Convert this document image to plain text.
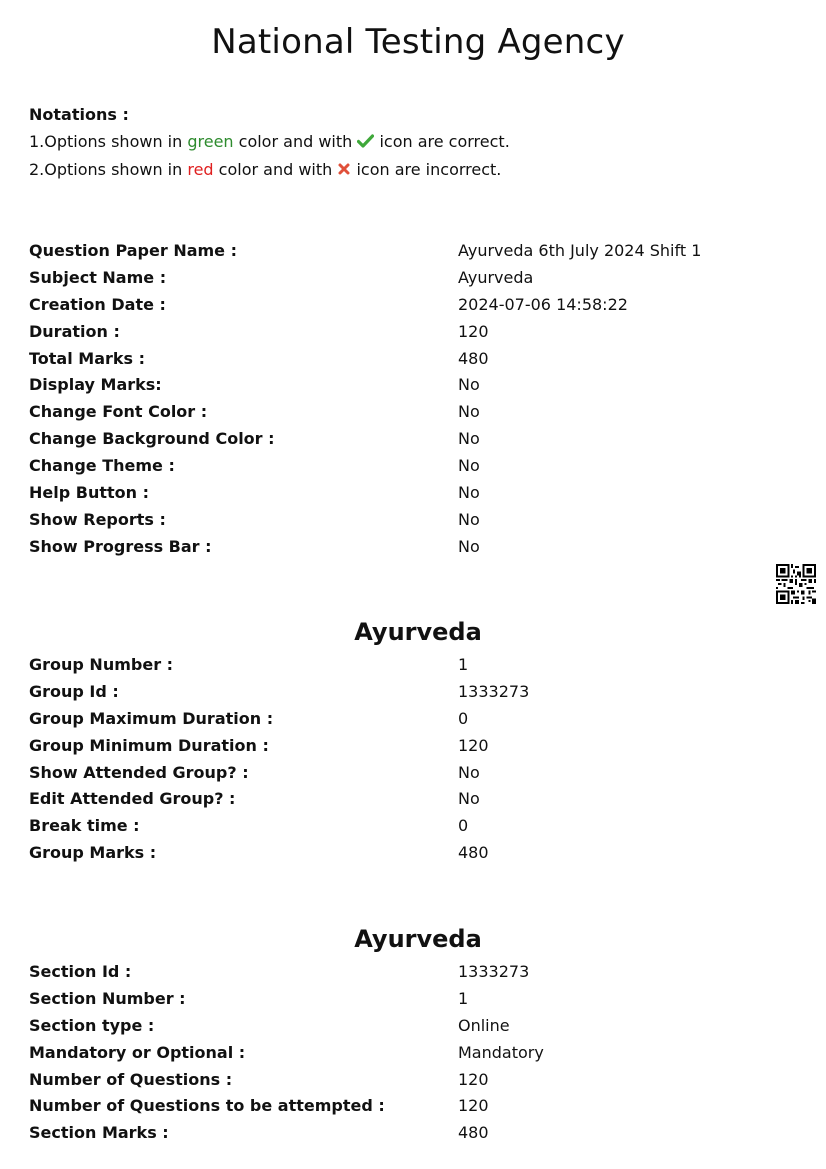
National Testing Agency
Notations :
1.Options shown in green color and with  icon are correct.
2.Options shown in red color and with  icon are incorrect.
Question Paper Name :	Ayurveda 6th July 2024 Shift 1
Subject Name :	Ayurveda
Creation Date :	2024-07-06 14:58:22
Duration :	120
Total Marks :	480
Display Marks:	No
Change Font Color :	No
Change Background Color :	No
Change Theme :	No
Help Button :	No
Show Reports :	No
Show Progress Bar :	No
Ayurveda
Group Number :	1
Group Id :	1333273
Group Maximum Duration :	0
Group Minimum Duration :	120
Show Attended Group? :	No
Edit Attended Group? :	No
Break time :	0
Group Marks :	480
Ayurveda
Section Id :	1333273
Section Number :	1
Section type :	Online
Mandatory or Optional :	Mandatory
Number of Questions :	120
Number of Questions to be attempted :	120
Section Marks :	480
